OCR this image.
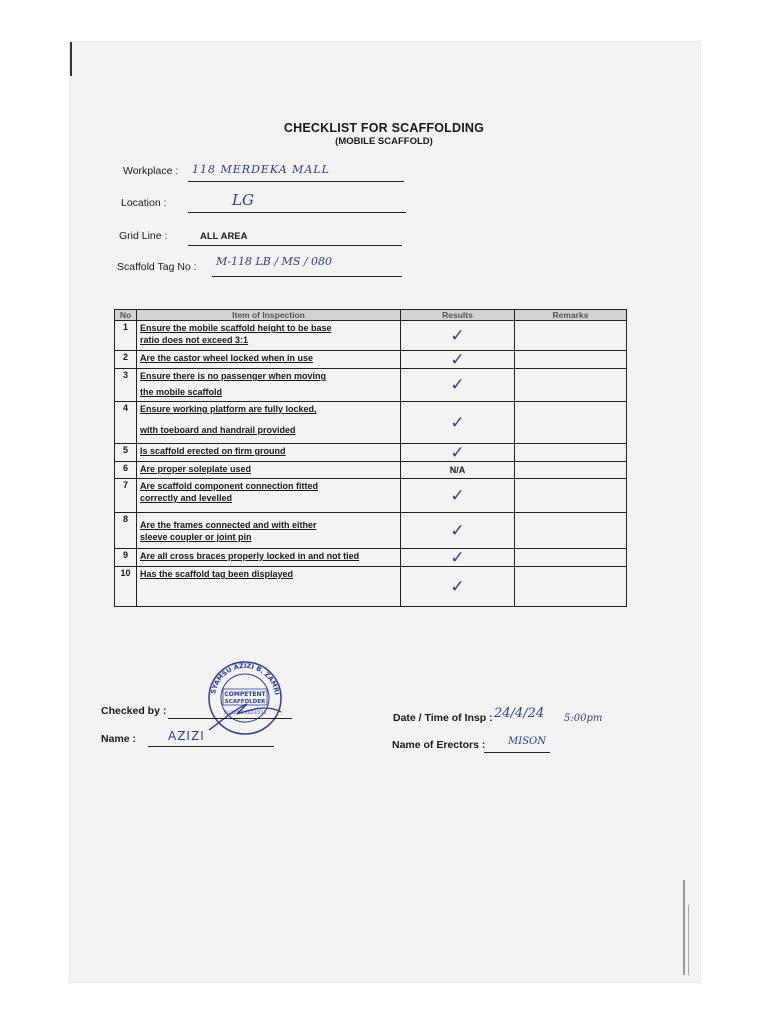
CHECKLIST FOR SCAFFOLDING
(MOBILE SCAFFOLD)
Workplace : 118 MERDEKA MALL
Location :	LG
Grid Line :	ALL AREA
Scaffold Tag No : M-118 LB / MS / 080
No	Item of Inspection	Results	Remarks
1	Ensure the mobile scaffold height to be base
ratio does not exceed 3:1	✓	
2	Are the castor wheel locked when in use	✓	
3	Ensure there is no passenger when moving
the mobile scaffold	✓	
4	Ensure working platform are fully locked,
with toeboard and handrail provided	✓	
5	Is scaffold erected on firm ground	✓	
6	Are proper soleplate used	N/A	
7	Are scaffold component connection fitted
correctly and levelled	✓	
8	Are the frames connected and with either
sleeve coupler or joint pin	✓	
9	Are all cross braces properly locked in and not tied	✓	
10	Has the scaffold tag been displayed	✓	
SYAMSU AZIZI B. ZAMRI
COMPETENT
SCAFFOLDER
SL/22/PP/2023/211
Checked by :
Name :	AZIZI
Date / Time of Insp : 24/4/24 5:00pm
Name of Erectors : MISON
